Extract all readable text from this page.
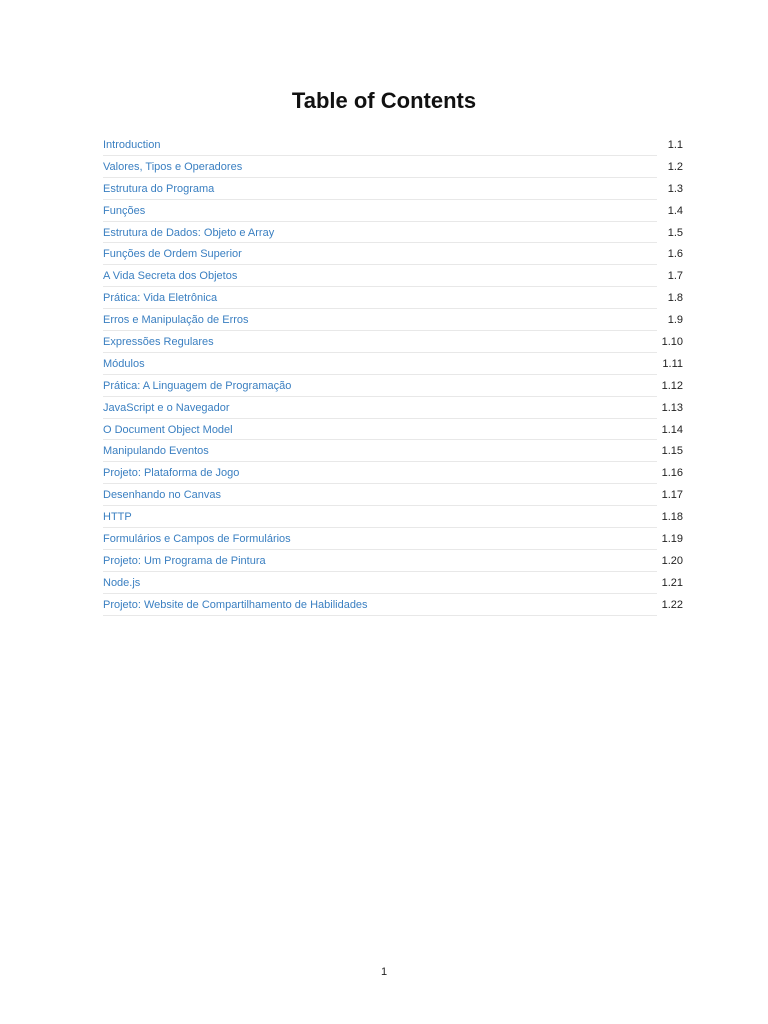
Table of Contents
Introduction	1.1
Valores, Tipos e Operadores	1.2
Estrutura do Programa	1.3
Funções	1.4
Estrutura de Dados: Objeto e Array	1.5
Funções de Ordem Superior	1.6
A Vida Secreta dos Objetos	1.7
Prática: Vida Eletrônica	1.8
Erros e Manipulação de Erros	1.9
Expressões Regulares	1.10
Módulos	1.11
Prática: A Linguagem de Programação	1.12
JavaScript e o Navegador	1.13
O Document Object Model	1.14
Manipulando Eventos	1.15
Projeto: Plataforma de Jogo	1.16
Desenhando no Canvas	1.17
HTTP	1.18
Formulários e Campos de Formulários	1.19
Projeto: Um Programa de Pintura	1.20
Node.js	1.21
Projeto: Website de Compartilhamento de Habilidades	1.22
1
